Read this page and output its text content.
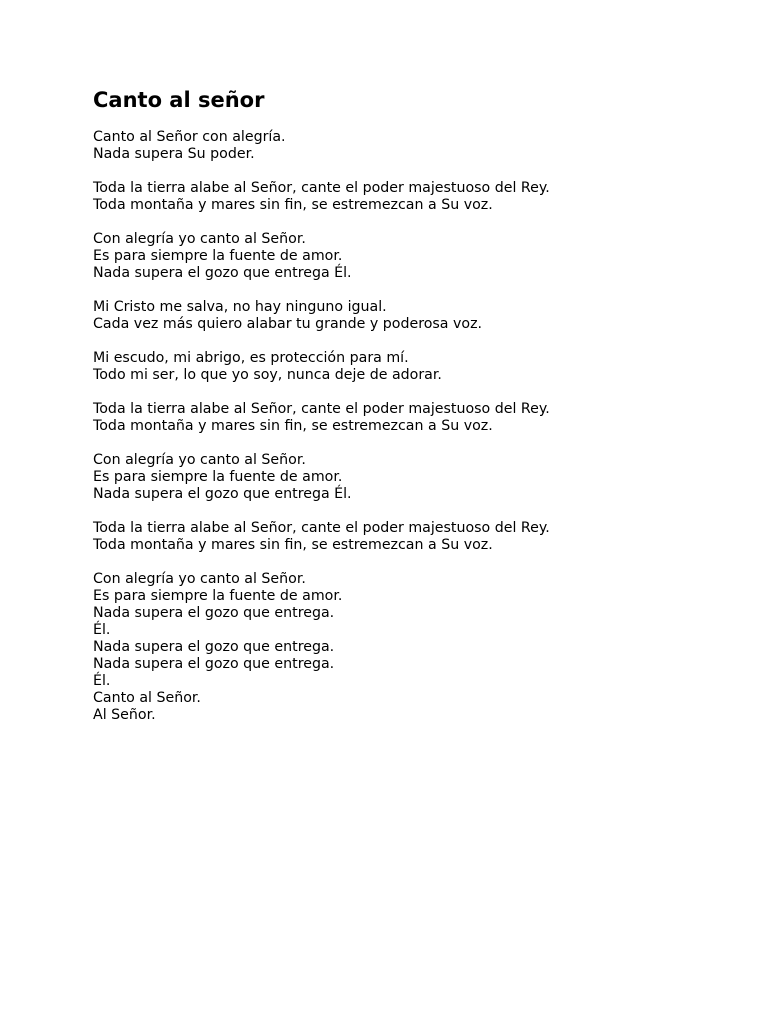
Canto al señor
Canto al Señor con alegría.
Nada supera Su poder.
Toda la tierra alabe al Señor, cante el poder majestuoso del Rey.
Toda montaña y mares sin fin, se estremezcan a Su voz.
Con alegría yo canto al Señor.
Es para siempre la fuente de amor.
Nada supera el gozo que entrega Él.
Mi Cristo me salva, no hay ninguno igual.
Cada vez más quiero alabar tu grande y poderosa voz.
Mi escudo, mi abrigo, es protección para mí.
Todo mi ser, lo que yo soy, nunca deje de adorar.
Toda la tierra alabe al Señor, cante el poder majestuoso del Rey.
Toda montaña y mares sin fin, se estremezcan a Su voz.
Con alegría yo canto al Señor.
Es para siempre la fuente de amor.
Nada supera el gozo que entrega Él.
Toda la tierra alabe al Señor, cante el poder majestuoso del Rey.
Toda montaña y mares sin fin, se estremezcan a Su voz.
Con alegría yo canto al Señor.
Es para siempre la fuente de amor.
Nada supera el gozo que entrega.
Él.
Nada supera el gozo que entrega.
Nada supera el gozo que entrega.
Él.
Canto al Señor.
Al Señor.
